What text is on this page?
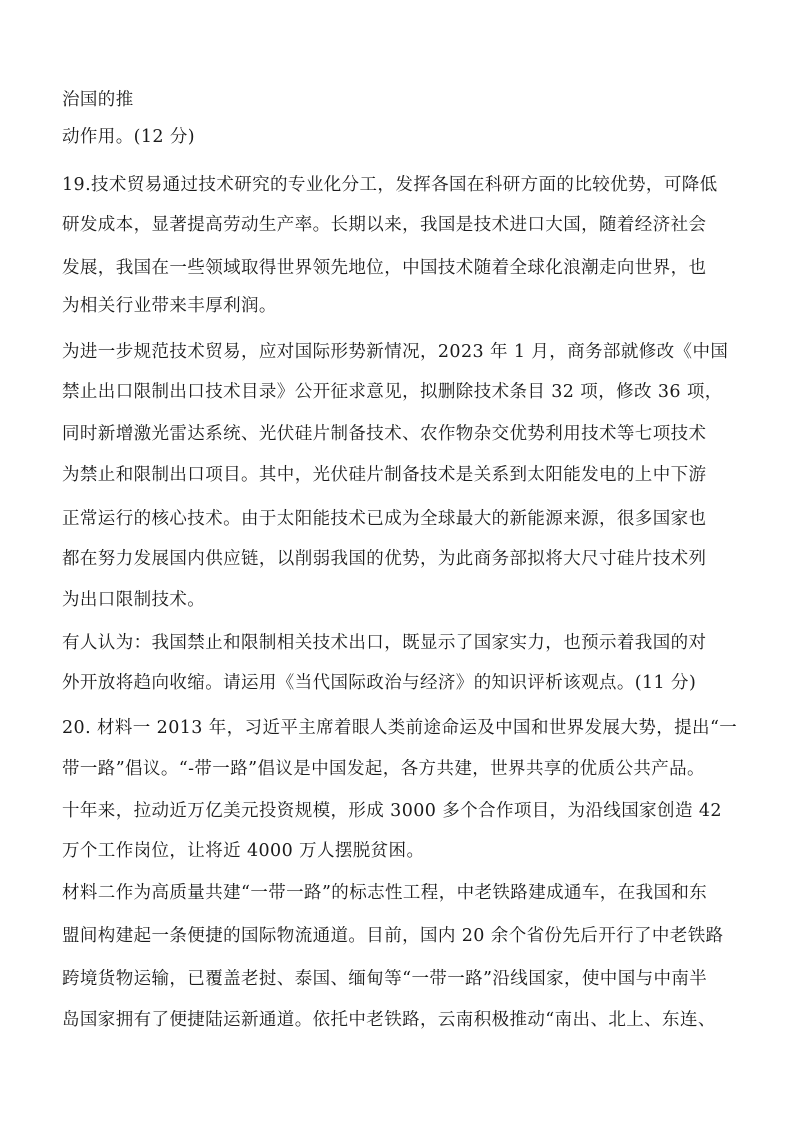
治国的推
动作用。(12 分)
19.技术贸易通过技术研究的专业化分工，发挥各国在科研方面的比较优势，可降低
研发成本，显著提高劳动生产率。长期以来，我国是技术进口大国，随着经济社会
发展，我国在一些领域取得世界领先地位，中国技术随着全球化浪潮走向世界，也
为相关行业带来丰厚利润。
为进一步规范技术贸易，应对国际形势新情况，2023 年 1 月，商务部就修改《中国
禁止出口限制出口技术目录》公开征求意见，拟删除技术条目 32 项，修改 36 项，
同时新增激光雷达系统、光伏硅片制备技术、农作物杂交优势利用技术等七项技术
为禁止和限制出口项目。其中，光伏硅片制备技术是关系到太阳能发电的上中下游
正常运行的核心技术。由于太阳能技术已成为全球最大的新能源来源，很多国家也
都在努力发展国内供应链，以削弱我国的优势，为此商务部拟将大尺寸硅片技术列
为出口限制技术。
有人认为：我国禁止和限制相关技术出口，既显示了国家实力，也预示着我国的对
外开放将趋向收缩。请运用《当代国际政治与经济》的知识评析该观点。(11 分)
20. 材料一 2013 年，习近平主席着眼人类前途命运及中国和世界发展大势，提出“一
带一路”倡议。“-带一路”倡议是中国发起，各方共建，世界共享的优质公共产品。
十年来，拉动近万亿美元投资规模，形成 3000 多个合作项目，为沿线国家创造 42
万个工作岗位，让将近 4000 万人摆脱贫困。
材料二作为高质量共建“一带一路”的标志性工程，中老铁路建成通车，在我国和东
盟间构建起一条便捷的国际物流通道。目前，国内 20 余个省份先后开行了中老铁路
跨境货物运输，已覆盖老挝、泰国、缅甸等“一带一路”沿线国家，使中国与中南半
岛国家拥有了便捷陆运新通道。依托中老铁路，云南积极推动“南出、北上、东连、
